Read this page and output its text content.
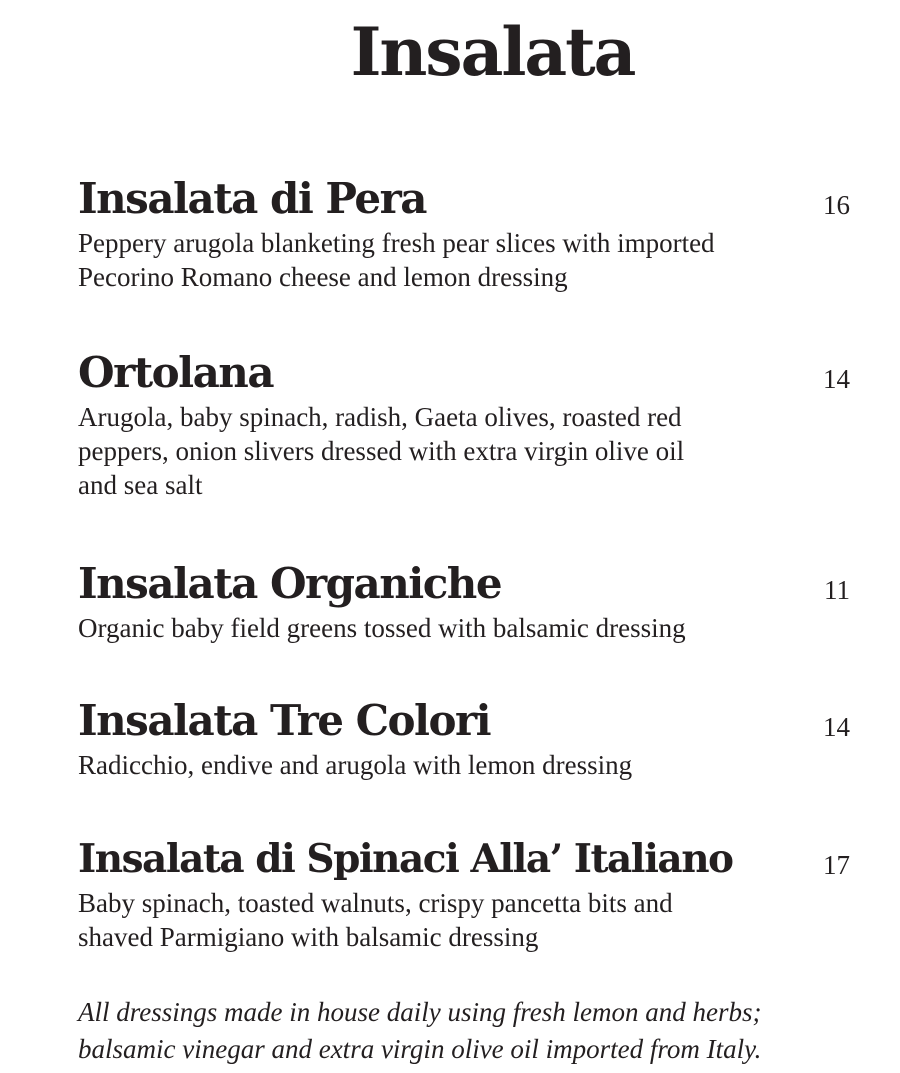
Insalata
Insalata di Pera	16

Peppery arugola blanketing fresh pear slices with imported Pecorino Romano cheese and lemon dressing

Ortolana	14

Arugola, baby spinach, radish, Gaeta olives, roasted red peppers, onion slivers dressed with extra virgin olive oil and sea salt

Insalata Organiche	11

Organic baby field greens tossed with balsamic dressing

Insalata Tre Colori	14

Radicchio, endive and arugola with lemon dressing

Insalata di Spinaci Alla’ Italiano	17

Baby spinach, toasted walnuts, crispy pancetta bits and shaved Parmigiano with balsamic dressing

All dressings made in house daily using fresh lemon and herbs; balsamic vinegar and extra virgin olive oil imported from Italy.
